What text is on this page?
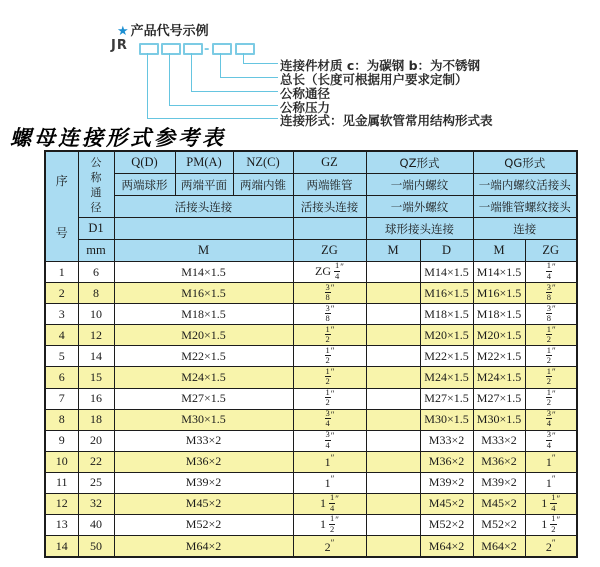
★ 产品代号示例
JR	-
连接件材质 c：为碳钢 b：为不锈钢
总长（长度可根据用户要求定制）
公称通径
公称压力
连接形式：见金属软管常用结构形式表
螺母连接形式参考表
序号	公称通径	Q(D)	PM(A)	NZ(C)	GZ	QZ形式		QG形式	
		两端球形	两端平面	两端内锥	两端锥管	一端内螺纹		一端内螺纹活接头	
		活接头连接			活接头连接	一端外螺纹		一端锥管螺纹接头	
	D1					球形接头连接		连接	
	mm	M			ZG	M	D	M	ZG
1	6	M14×1.5			ZG $\frac{1}{4} ''$		M14×1.5	M14×1.5	$\frac{1}{4} ''$
2	8	M16×1.5			$\frac{3}{8} ''$		M16×1.5	M16×1.5	$\frac{3}{8} ''$
3	10	M18×1.5			$\frac{3}{8} ''$		M18×1.5	M18×1.5	$\frac{3}{8} ''$
4	12	M20×1.5			$\frac{1}{2} ''$		M20×1.5	M20×1.5	$\frac{1}{2} ''$
5	14	M22×1.5			$\frac{1}{2} ''$		M22×1.5	M22×1.5	$\frac{1}{2} ''$
6	15	M24×1.5			$\frac{1}{2} ''$		M24×1.5	M24×1.5	$\frac{1}{2} ''$
7	16	M27×1.5			$\frac{1}{2} ''$		M27×1.5	M27×1.5	$\frac{1}{2} ''$
8	18	M30×1.5			$\frac{3}{4} ''$		M30×1.5	M30×1.5	$\frac{3}{4} ''$
9	20	M33×2			$\frac{3}{4} ''$		M33×2	M33×2	$\frac{3}{4} ''$
10	22	M36×2			1″		M36×2	M36×2	1″
11	25	M39×2			1″		M39×2	M39×2	1″
12	32	M45×2			$1 \frac{1}{4} ''$		M45×2	M45×2	$1 \frac{1}{4} ''$
13	40	M52×2			$1 \frac{1}{2} ''$		M52×2	M52×2	$1 \frac{1}{2} ''$
14	50	M64×2			2″		M64×2	M64×2	2″
